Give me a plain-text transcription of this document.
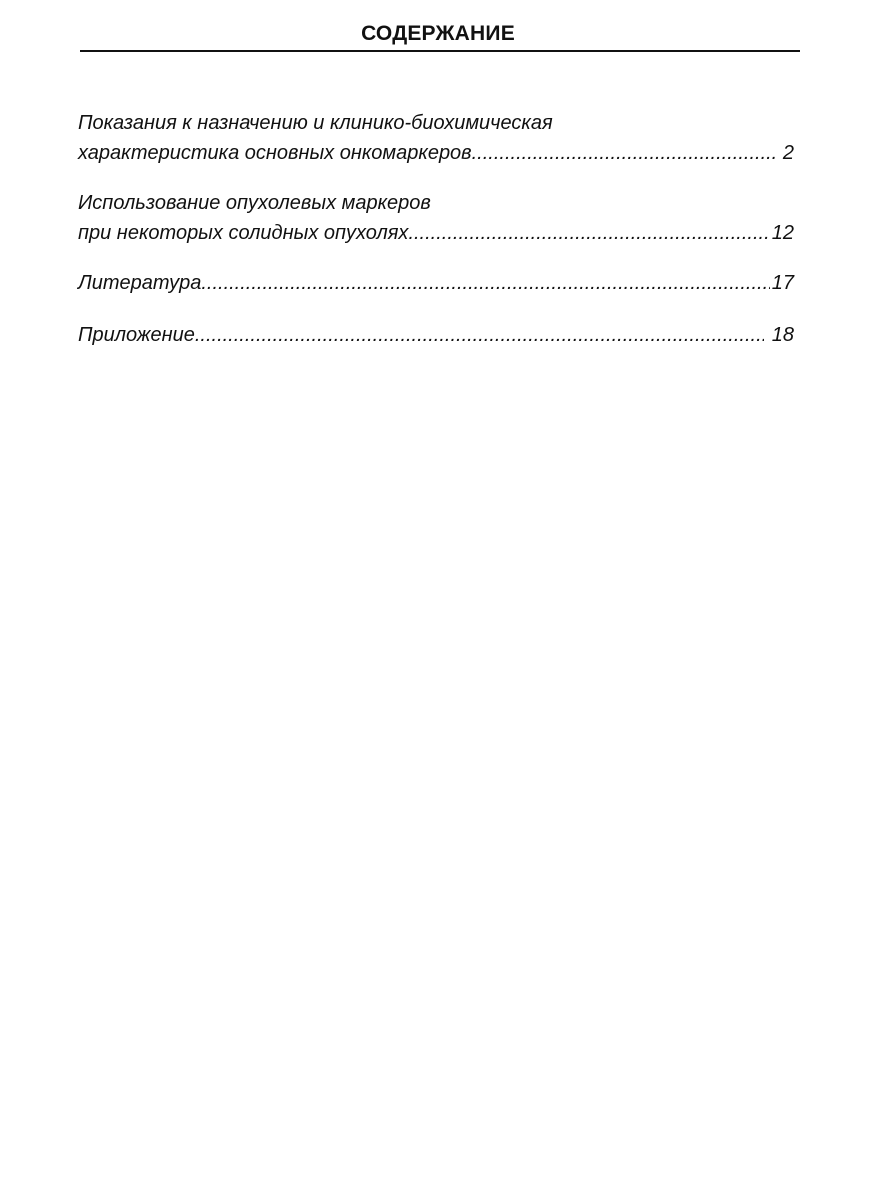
СОДЕРЖАНИЕ
Показания к назначению и клинико-биохимическая
характеристика основных онкомаркеров .....	2
Использование опухолевых маркеров
при некоторых солидных опухолях .....	12
Литература .....	17
Приложение .....	18
